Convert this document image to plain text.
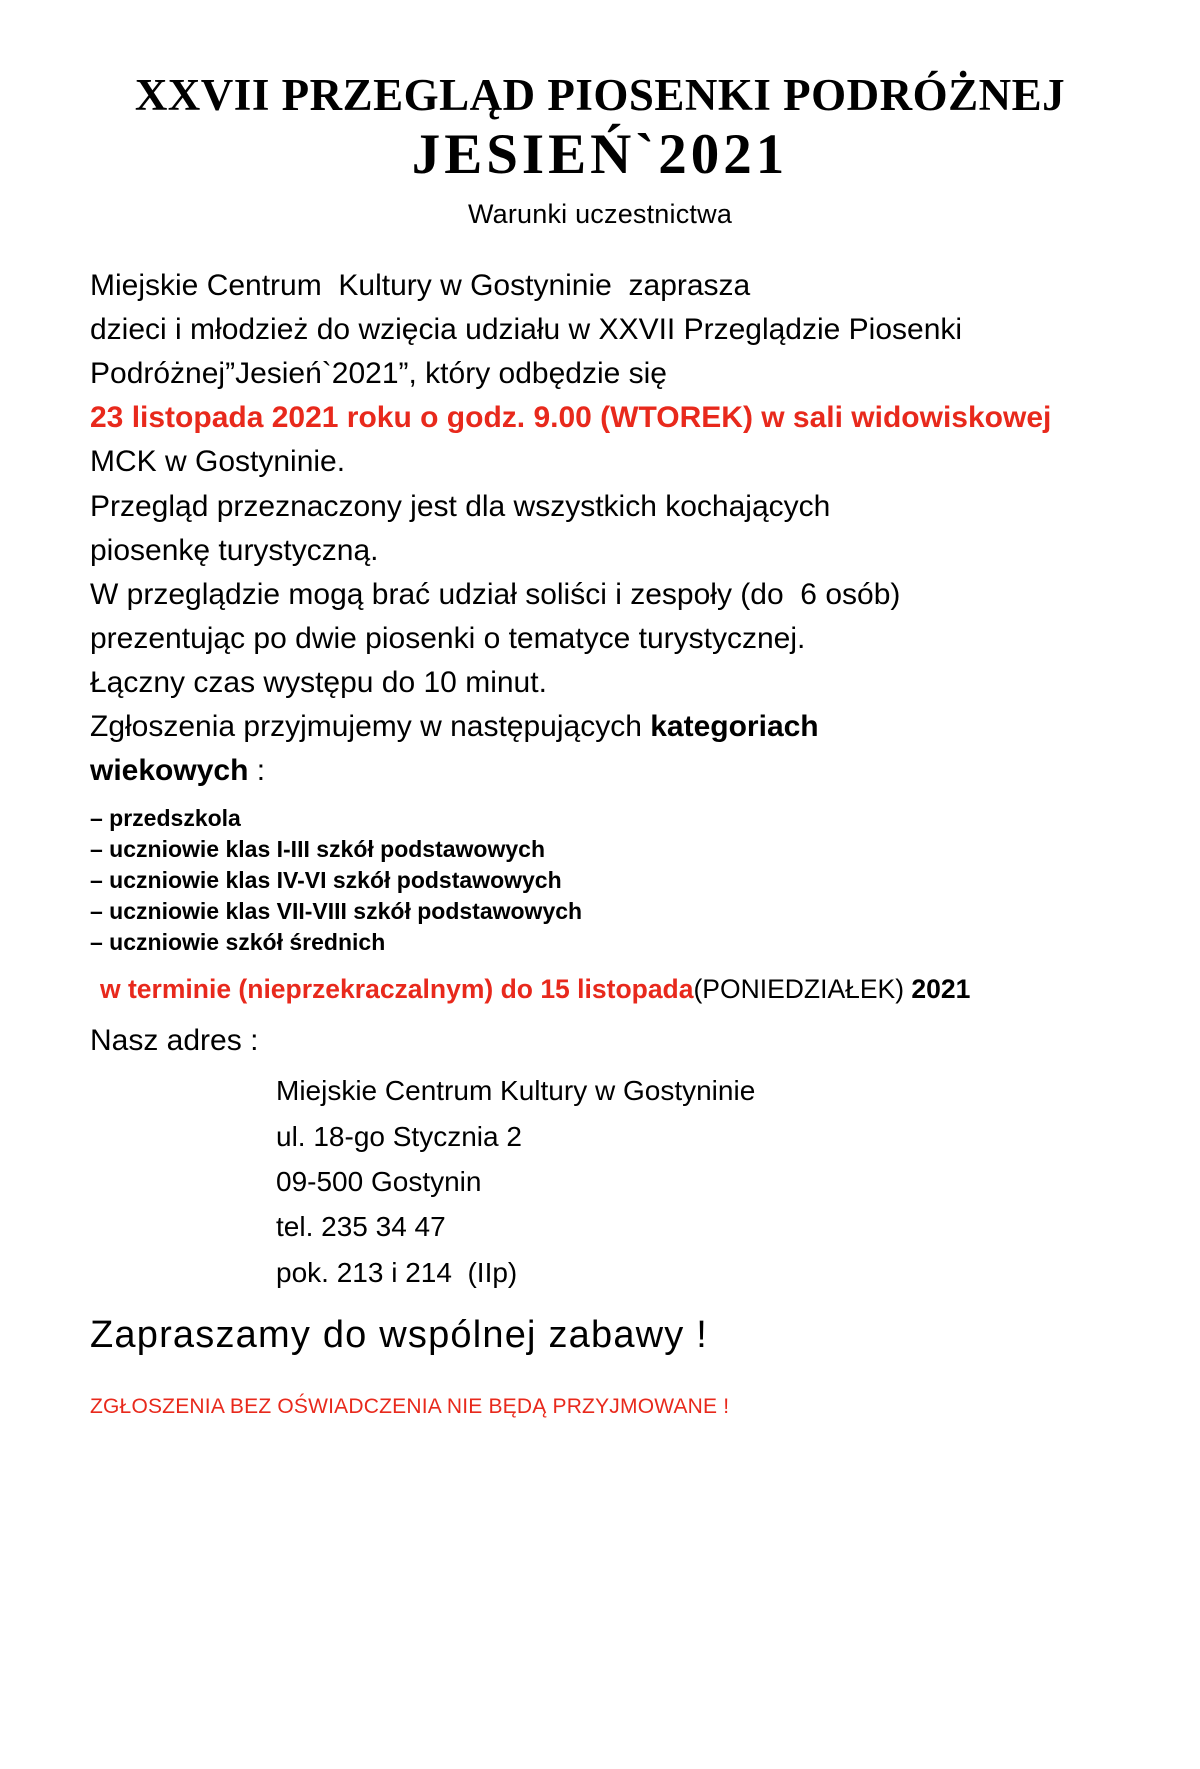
XXVII PRZEGLĄD PIOSENKI PODRÓŻNEJ
JESIEŃ`2021
Warunki uczestnictwa
Miejskie Centrum  Kultury w Gostyninie  zaprasza
dzieci i młodzież do wzięcia udziału w XXVII Przeglądzie Piosenki
Podróżnej”Jesień`2021”, który odbędzie się
23 listopada 2021 roku o godz. 9.00 (WTOREK) w sali widowiskowej
MCK w Gostyninie.
Przegląd przeznaczony jest dla wszystkich kochających
piosenkę turystyczną.
W przeglądzie mogą brać udział soliści i zespoły (do  6 osób)
prezentując po dwie piosenki o tematyce turystycznej.
Łączny czas występu do 10 minut.
Zgłoszenia przyjmujemy w następujących kategoriach
wiekowych :
– przedszkola
– uczniowie klas I-III szkół podstawowych
– uczniowie klas IV-VI szkół podstawowych
– uczniowie klas VII-VIII szkół podstawowych
– uczniowie szkół średnich
w terminie (nieprzekraczalnym) do 15 listopada(PONIEDZIAŁEK) 2021
Nasz adres :
Miejskie Centrum Kultury w Gostyninie
ul. 18-go Stycznia 2
09-500 Gostynin
tel. 235 34 47
pok. 213 i 214  (IIp)
Zapraszamy do wspólnej zabawy !
ZGŁOSZENIA BEZ OŚWIADCZENIA NIE BĘDĄ PRZYJMOWANE !
